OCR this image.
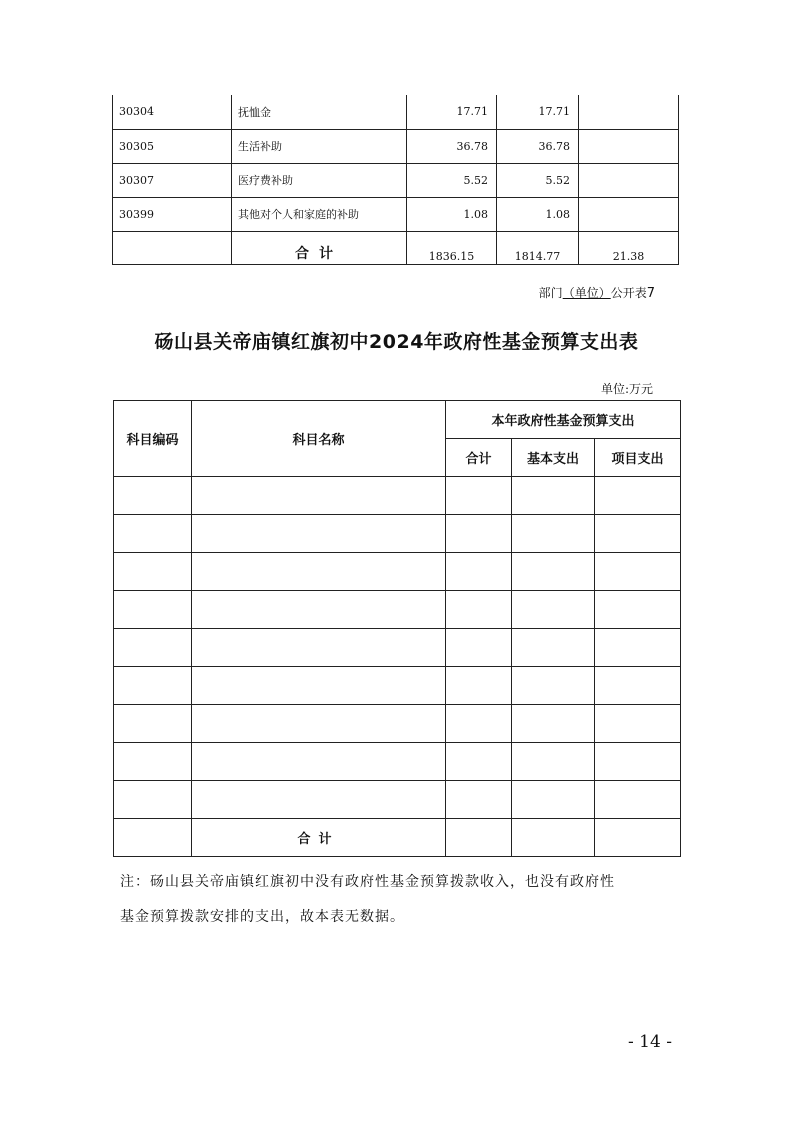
30304	抚恤金	17.71	17.71	
30305	生活补助	36.78	36.78	
30307	医疗费补助	5.52	5.52	
30399	其他对个人和家庭的补助	1.08	1.08	
	合计	1836.15	1814.77	21.38
部门（单位）公开表7
砀山县关帝庙镇红旗初中2024年政府性基金预算支出表
单位:万元
科目编码	科目名称	本年政府性基金预算支出		
		合计	基本支出	项目支出

	合计			
注：砀山县关帝庙镇红旗初中没有政府性基金预算拨款收入，也没有政府性
基金预算拨款安排的支出，故本表无数据。
- 14 -
